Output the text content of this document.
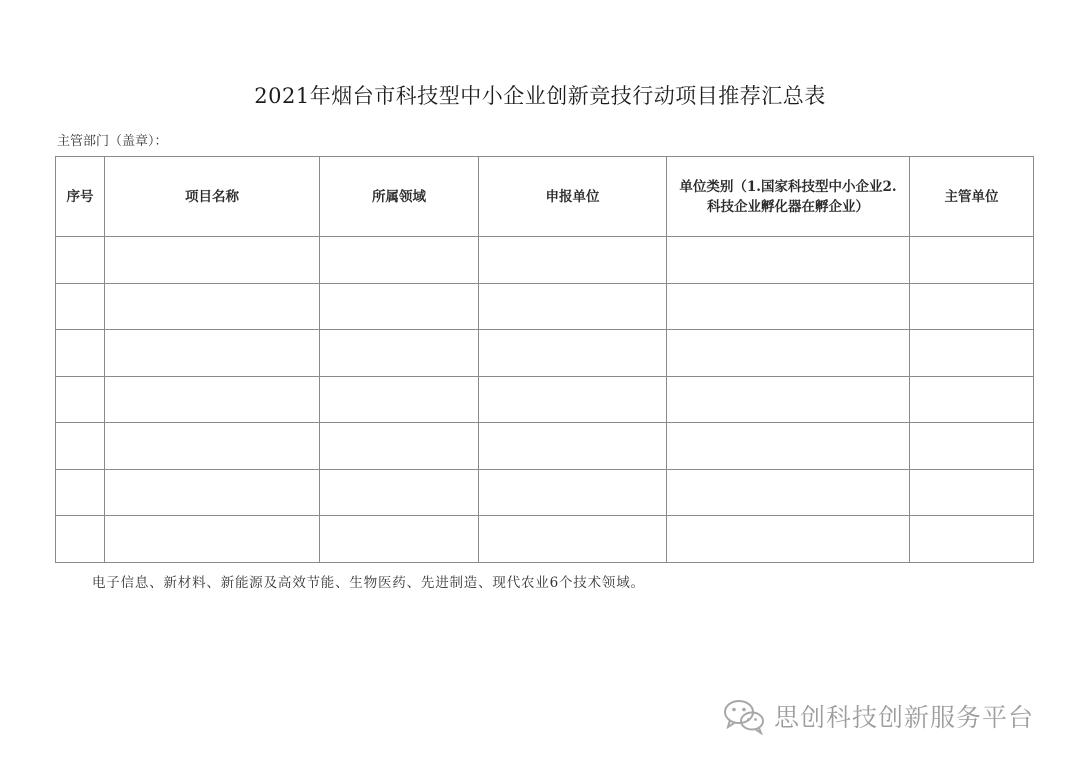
2021年烟台市科技型中小企业创新竞技行动项目推荐汇总表
主管部门（盖章）：
序号	项目名称	所属领域	申报单位	单位类别（1.国家科技型中小企业2.科技企业孵化器在孵企业）	主管单位

电子信息、新材料、新能源及高效节能、生物医药、先进制造、现代农业6个技术领域。
思创科技创新服务平台
